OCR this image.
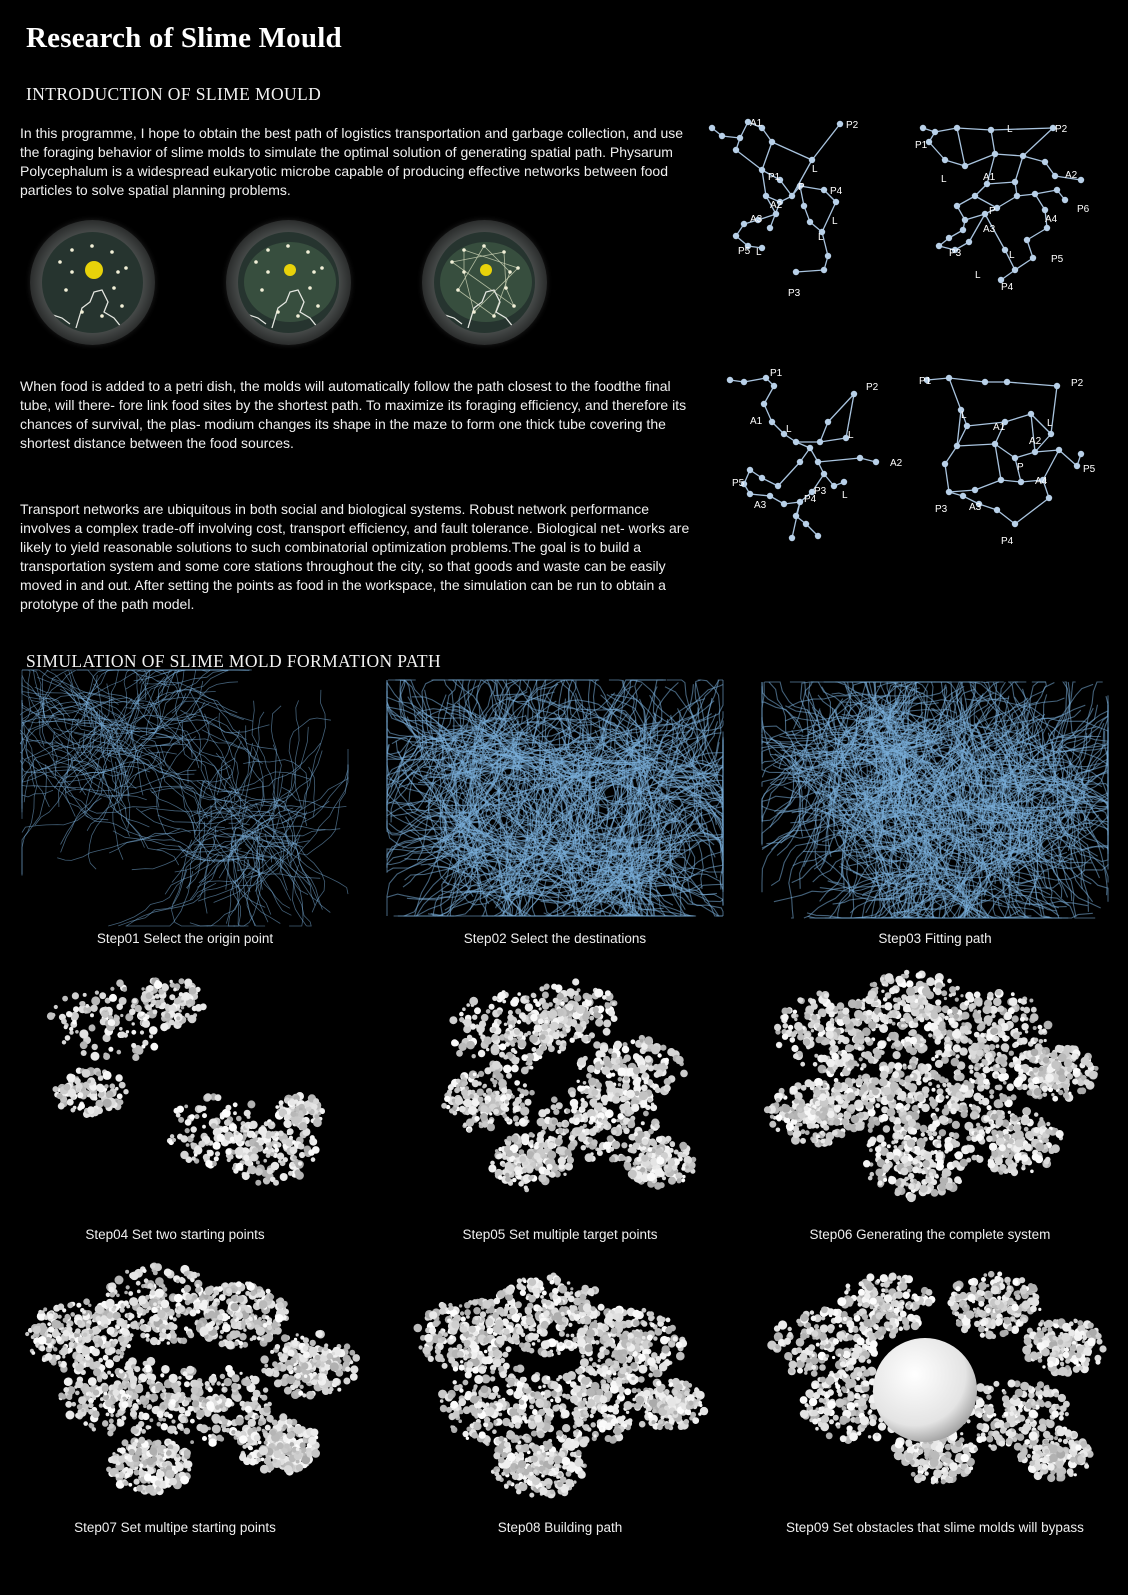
Research of Slime Mould
INTRODUCTION OF SLIME MOULD

In this programme, I hope to obtain the best path of logistics transportation and garbage collection, and use the foraging behavior of slime molds to simulate the optimal solution of generating spatial path. Physarum Polycephalum is a widespread eukaryotic microbe capable of producing effective networks between food particles to solve spatial planning problems.

When food is added to a petri dish, the molds will automatically follow the path closest to the foodthe final tube, will there- fore link food sites by the shortest path. To maximize its foraging efficiency, and therefore its chances of survival, the plas- modium changes its shape in the maze to form one thick tube covering the shortest distance between the food sources.

Transport networks are ubiquitous in both social and biological systems. Robust network performance involves a complex trade-off involving cost, transport efficiency, and fault tolerance. Biological net- works are likely to yield reasonable solutions to such combinatorial optimization problems.The goal is to build a transportation system and some core stations throughout the city, so that goods and waste can be easily moved in and out. After setting the points as food in the workspace, the simulation can be run to obtain a prototype of the path model.

A1	P2
P1
L
P	P4
A2
L
A3
L
L
P3
P5
P2
P1
L
L	A1	A2
P6
P
A4
A3
L
P3
L
P5
P4
P1
P2
A1
L
L
A2
P5
P3 L
P4
A3
P1	P2
L
L
A1
A2
P
A4
P5
P3 A3
P4
SIMULATION OF SLIME MOLD FORMATION PATH
Step01 Select the origin point	Step02 Select the destinations	Step03 Fitting path
Step04 Set two starting points	Step05 Set multiple target points	Step06 Generating the complete system
Step07 Set multipe starting points	Step08 Building path	Step09 Set obstacles that slime molds will bypass
